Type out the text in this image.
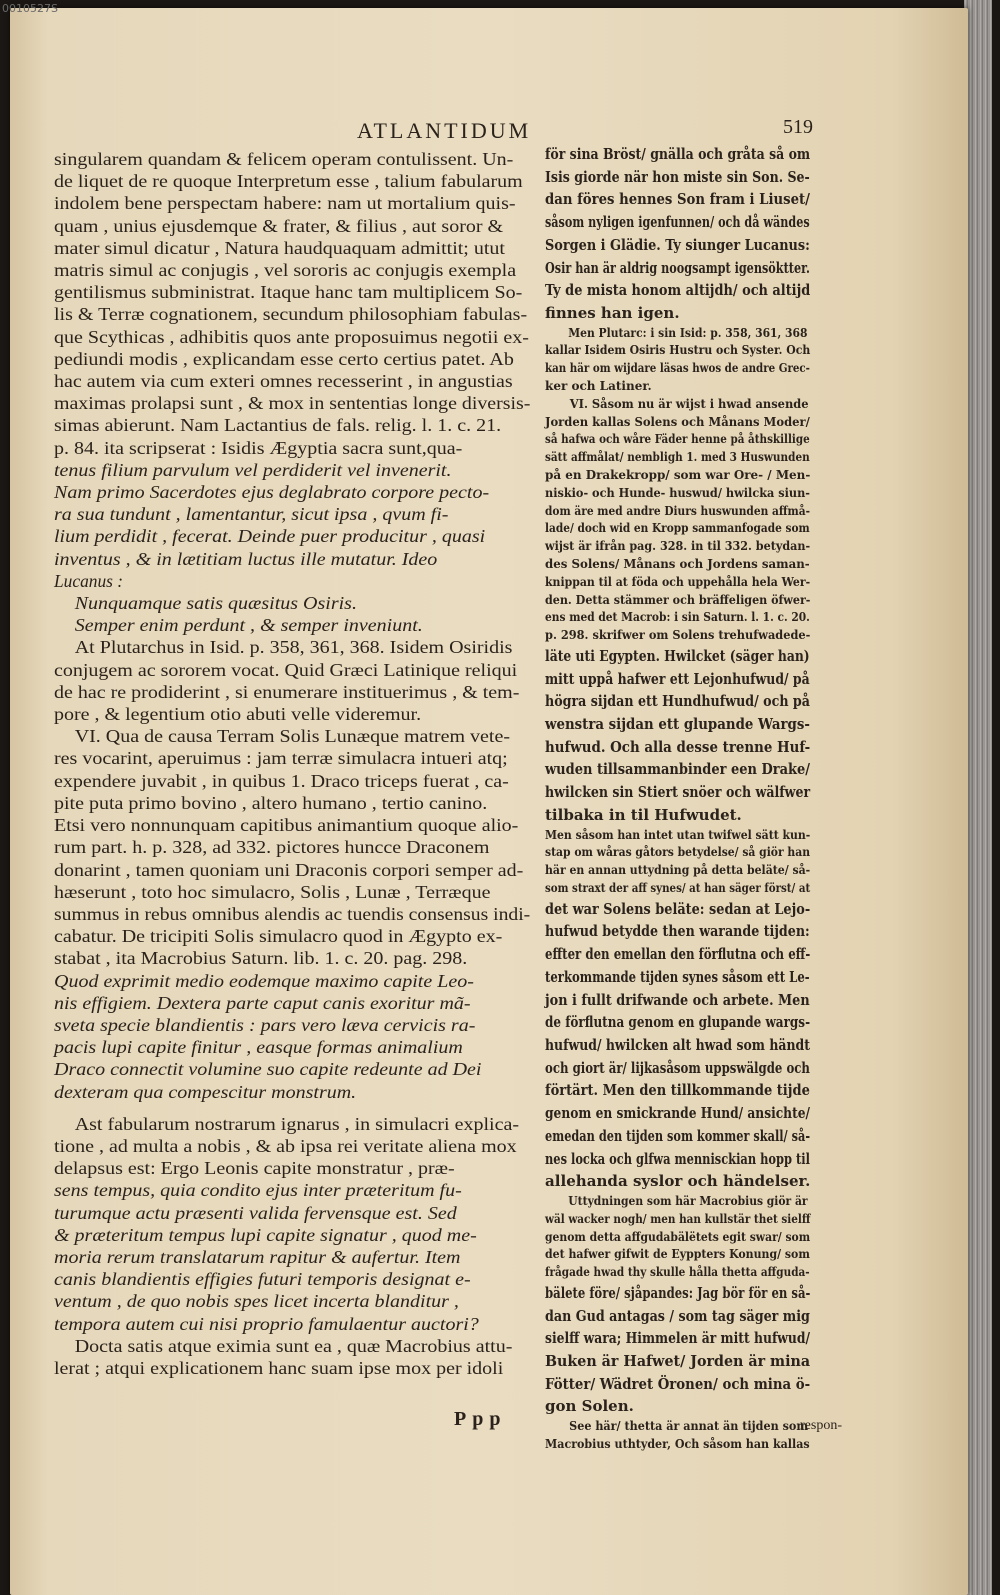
0010527S
ATLANTIDUM	519
singularem quandam & felicem operam contulissent. Un-
de liquet de re quoque Interpretum esse , talium fabularum
indolem bene perspectam habere: nam ut mortalium quis-
quam , unius ejusdemque & frater, & filius , aut soror &
mater simul dicatur , Natura haudquaquam admittit; utut
matris simul ac conjugis , vel sororis ac conjugis exempla
gentilismus subministrat. Itaque hanc tam multiplicem So-
lis & Terræ cognationem, secundum philosophiam fabulas-
que Scythicas , adhibitis quos ante proposuimus negotii ex-
pediundi modis , explicandam esse certo certius patet. Ab
hac autem via cum exteri omnes recesserint , in angustias
maximas prolapsi sunt , & mox in sententias longe diversis-
simas abierunt. Nam Lactantius de fals. relig. l. 1. c. 21.
p. 84. ita scripserat : Isidis Ægyptia sacra sunt,qua-
tenus filium parvulum vel perdiderit vel invenerit.
Nam primo Sacerdotes ejus deglabrato corpore pecto-
ra sua tundunt , lamentantur, sicut ipsa , qvum fi-
lium perdidit , fecerat. Deinde puer producitur , quasi
inventus , & in lætitiam luctus ille mutatur. Ideo
Lucanus :
Nunquamque satis quæsitus Osiris.
Semper enim perdunt , & semper inveniunt.
At Plutarchus in Isid. p. 358, 361, 368. Isidem Osiridis
conjugem ac sororem vocat. Quid Græci Latinique reliqui
de hac re prodiderint , si enumerare instituerimus , & tem-
pore , & legentium otio abuti velle videremur.
VI. Qua de causa Terram Solis Lunæque matrem vete-
res vocarint, aperuimus : jam terræ simulacra intueri atq;
expendere juvabit , in quibus 1. Draco triceps fuerat , ca-
pite puta primo bovino , altero humano , tertio canino.
Etsi vero nonnunquam capitibus animantium quoque alio-
rum part. h. p. 328, ad 332. pictores huncce Draconem
donarint , tamen quoniam uni Draconis corpori semper ad-
hæserunt , toto hoc simulacro, Solis , Lunæ , Terræque
summus in rebus omnibus alendis ac tuendis consensus indi-
cabatur. De tricipiti Solis simulacro quod in Ægypto ex-
stabat , ita Macrobius Saturn. lib. 1. c. 20. pag. 298.
Quod exprimit medio eodemque maximo capite Leo-
nis effigiem. Dextera parte caput canis exoritur mã-
sveta specie blandientis : pars vero læva cervicis ra-
pacis lupi capite finitur , easque formas animalium
Draco connectit volumine suo capite redeunte ad Dei
dexteram qua compescitur monstrum.
Ast fabularum nostrarum ignarus , in simulacri explica-
tione , ad multa a nobis , & ab ipsa rei veritate aliena mox
delapsus est: Ergo Leonis capite monstratur , præ-
sens tempus, quia condito ejus inter præteritum fu-
turumque actu præsenti valida fervensque est. Sed
& præteritum tempus lupi capite signatur , quod me-
moria rerum translatarum rapitur & aufertur. Item
canis blandientis effigies futuri temporis designat e-
ventum , de quo nobis spes licet incerta blanditur ,
tempora autem cui nisi proprio famulaentur auctori?
Docta satis atque eximia sunt ea , quæ Macrobius attu-
lerat ; atqui explicationem hanc suam ipse mox per idoli
för sina Bröst/ gnälla och gråta så om
Isis giorde när hon miste sin Son. Se-
dan föres hennes Son fram i Liuset/
såsom nyligen igenfunnen/ och då wändes
Sorgen i Glädie. Ty siunger Lucanus:
Osir han är aldrig noogsampt igensöktter.
Ty de mista honom altijdh/ och altijd
finnes han igen.
Men Plutarc: i sin Isid: p. 358, 361, 368
kallar Isidem Osiris Hustru och Syster. Och
kan här om wijdare läsas hwos de andre Grec-
ker och Latiner.
VI. Såsom nu är wijst i hwad ansende
Jorden kallas Solens och Månans Moder/
så hafwa och wåre Fäder henne på åthskillige
sätt affmålat/ nembligh 1. med 3 Huswunden
på en Drakekropp/ som war Ore- / Men-
niskio- och Hunde- huswud/ hwilcka siun-
dom äre med andre Diurs huswunden affmå-
lade/ doch wid en Kropp sammanfogade som
wijst är ifrån pag. 328. in til 332. betydan-
des Solens/ Månans och Jordens saman-
knippan til at föda och uppehålla hela Wer-
den. Detta stämmer och bräffeligen öfwer-
ens med det Macrob: i sin Saturn. l. 1. c. 20.
p. 298. skrifwer om Solens trehufwadede-
läte uti Egypten. Hwilcket (säger han)
mitt uppå hafwer ett Lejonhufwud/ på
högra sijdan ett Hundhufwud/ och på
wenstra sijdan ett glupande Wargs-
hufwud. Och alla desse trenne Huf-
wuden tillsammanbinder een Drake/
hwilcken sin Stiert snöer och wälfwer
tilbaka in til Hufwudet.
Men såsom han intet utan twifwel sätt kun-
stap om wåras gåtors betydelse/ så giör han
här en annan uttydning på detta beläte/ så-
som straxt der aff synes/ at han säger först/ at
det war Solens beläte: sedan at Lejo-
hufwud betydde then warande tijden:
effter den emellan den förflutna och eff-
terkommande tijden synes såsom ett Le-
jon i fullt drifwande och arbete. Men
de förflutna genom en glupande wargs-
hufwud/ hwilcken alt hwad som händt
och giort är/ lijkasåsom uppswälgde och
förtärt. Men den tillkommande tijde
genom en smickrande Hund/ ansichte/
emedan den tijden som kommer skall/ så-
nes locka och glfwa mennisckian hopp til
allehanda syslor och händelser.
Uttydningen som här Macrobius giör är
wäl wacker nogh/ men han kullstär thet sielff
genom detta affgudabälëtets egit swar/ som
det hafwer gifwit de Eyppters Konung/ som
frågade hwad thy skulle hålla thetta affguda-
bälete före/ sjåpandes: Jag bör för en så-
dan Gud antagas / som tag säger mig
sielff wara; Himmelen är mitt hufwud/
Buken är Hafwet/ Jorden är mina
Fötter/ Wädret Öronen/ och mina ö-
gon Solen.
See här/ thetta är annat än tijden som
Macrobius uthtyder, Och såsom han kallas
Ppp	respon-
